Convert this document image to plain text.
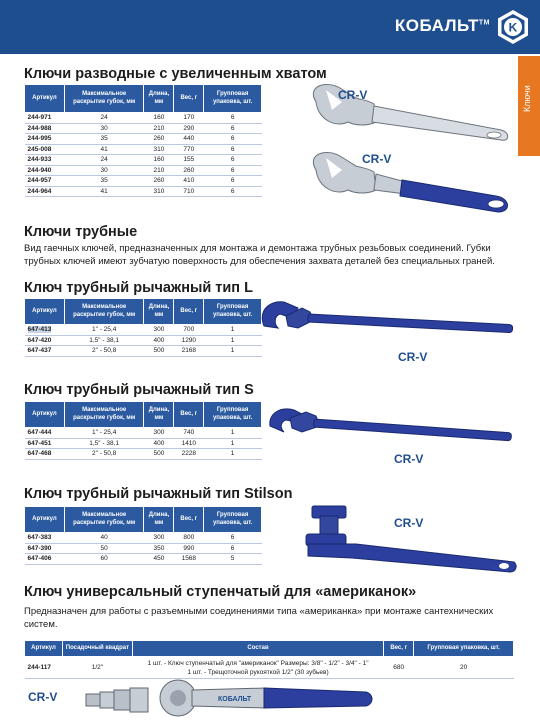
КОБАЛЬТ™ K
Ключи
Ключи разводные с увеличенным хватом
Артикул	Максимальное раскрытие губок, мм	Длина, мм	Вес, г	Групповая упаковка, шт.
244-971	24	160	170	6
244-988	30	210	290	6
244-995	35	260	440	6
245-008	41	310	770	6
244-933	24	160	155	6
244-940	30	210	260	6
244-957	35	260	410	6
244-964	41	310	710	6
CR-V
CR-V
Ключи трубные

Вид гаечных ключей, предназначенных для монтажа и демонтажа трубных резьбовых соединений. Губки трубных ключей имеют зубчатую поверхность для обеспечения захвата деталей без специальных граней.

Ключ трубный рычажный тип L
Артикул	Максимальное раскрытие губок, мм	Длина, мм	Вес, г	Групповая упаковка, шт.
647-413	1" - 25,4	300	700	1
647-420	1,5" - 38,1	400	1290	1
647-437	2" - 50,8	500	2168	1	CR-V
Ключ трубный рычажный тип S
Артикул	Максимальное раскрытие губок, мм	Длина, мм	Вес, г	Групповая упаковка, шт.
647-444	1" - 25,4	300	740	1
647-451	1,5" - 38,1	400	1410	1
647-468	2" - 50,8	500	2228	1	CR-V
Ключ трубный рычажный тип Stilson
Артикул	Максимальное раскрытие губок, мм	Длина, мм	Вес, г	Групповая упаковка, шт.
647-383	40	300	800	6
647-390	50	350	990	6
647-406	60	450	1568	5
CR-V
Ключ универсальный ступенчатый для «американок»

Предназначен для работы с разъемными соединениями типа «американка» при монтаже сантехнических систем.

Артикул	Посадочный квадрат	Состав	Вес, г	Групповая упаковка, шт.
244-117	1/2"	1 шт. - Ключ ступенчатый для "американок" Размеры: 3/8" - 1/2" - 3/4" - 1"
1 шт. - Трещоточной рукояткой 1/2" (30 зубьев)	680	20
CR-V	КОБАЛЬТ
